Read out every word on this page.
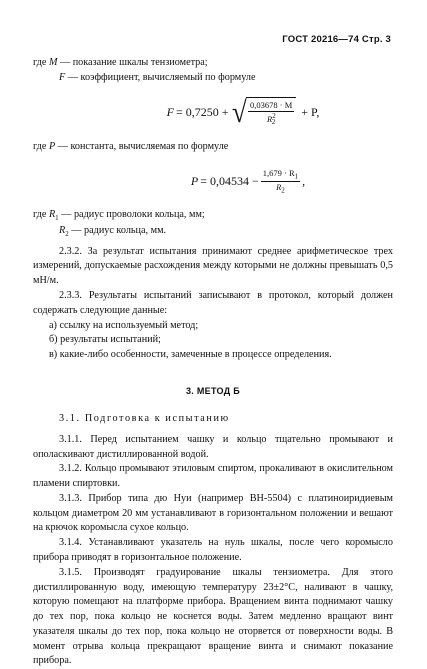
ГОСТ 20216—74 Стр. 3
где M — показание шкалы тензиометра;
F — коэффициент, вычисляемый по формуле
F = 0,7250 + √ $\frac{0,03678 \cdot M}{R^2_2} + P$,
где P — константа, вычисляемая по формуле
$P = 0,04534 - \frac{1,679 \cdot R_1}{R_2}$ ,
где $R_1$ — радиус проволоки кольца, мм;
$R_2$ — радиус кольца, мм.

2.3.2. За результат испытания принимают среднее арифметическое трех измерений, допускаемые расхождения между которыми не должны превышать 0,5 мН/м.

2.3.3. Результаты испытаний записывают в протокол, который должен содержать следующие данные:

а) ссылку на используемый метод;

б) результаты испытаний;

в) какие-либо особенности, замеченные в процессе определения.

3. МЕТОД Б

3.1. Подготовка к испытанию

3.1.1. Перед испытанием чашку и кольцо тщательно промывают и ополаскивают дистиллированной водой.

3.1.2. Кольцо промывают этиловым спиртом, прокаливают в окислительном пламени спиртовки.

3.1.3. Прибор типа дю Нуи (например ВН-5504) с платиноиридиевым кольцом диаметром 20 мм устанавливают в горизонтальном положении и вешают на крючок коромысла сухое кольцо.

3.1.4. Устанавливают указатель на нуль шкалы, после чего коромысло прибора приводят в горизонтальное положение.

3.1.5. Производят градуирование шкалы тензиометра. Для этого дистиллированную воду, имеющую температуру 23±2°С, наливают в чашку, которую помещают на платформе прибора. Вращением винта поднимают чашку до тех пор, пока кольцо не коснется воды. Затем медленно вращают винт указателя шкалы до тех пор, пока кольцо не оторвется от поверхности воды. В момент отрыва кольца прекращают вращение винта и снимают показание прибора.
